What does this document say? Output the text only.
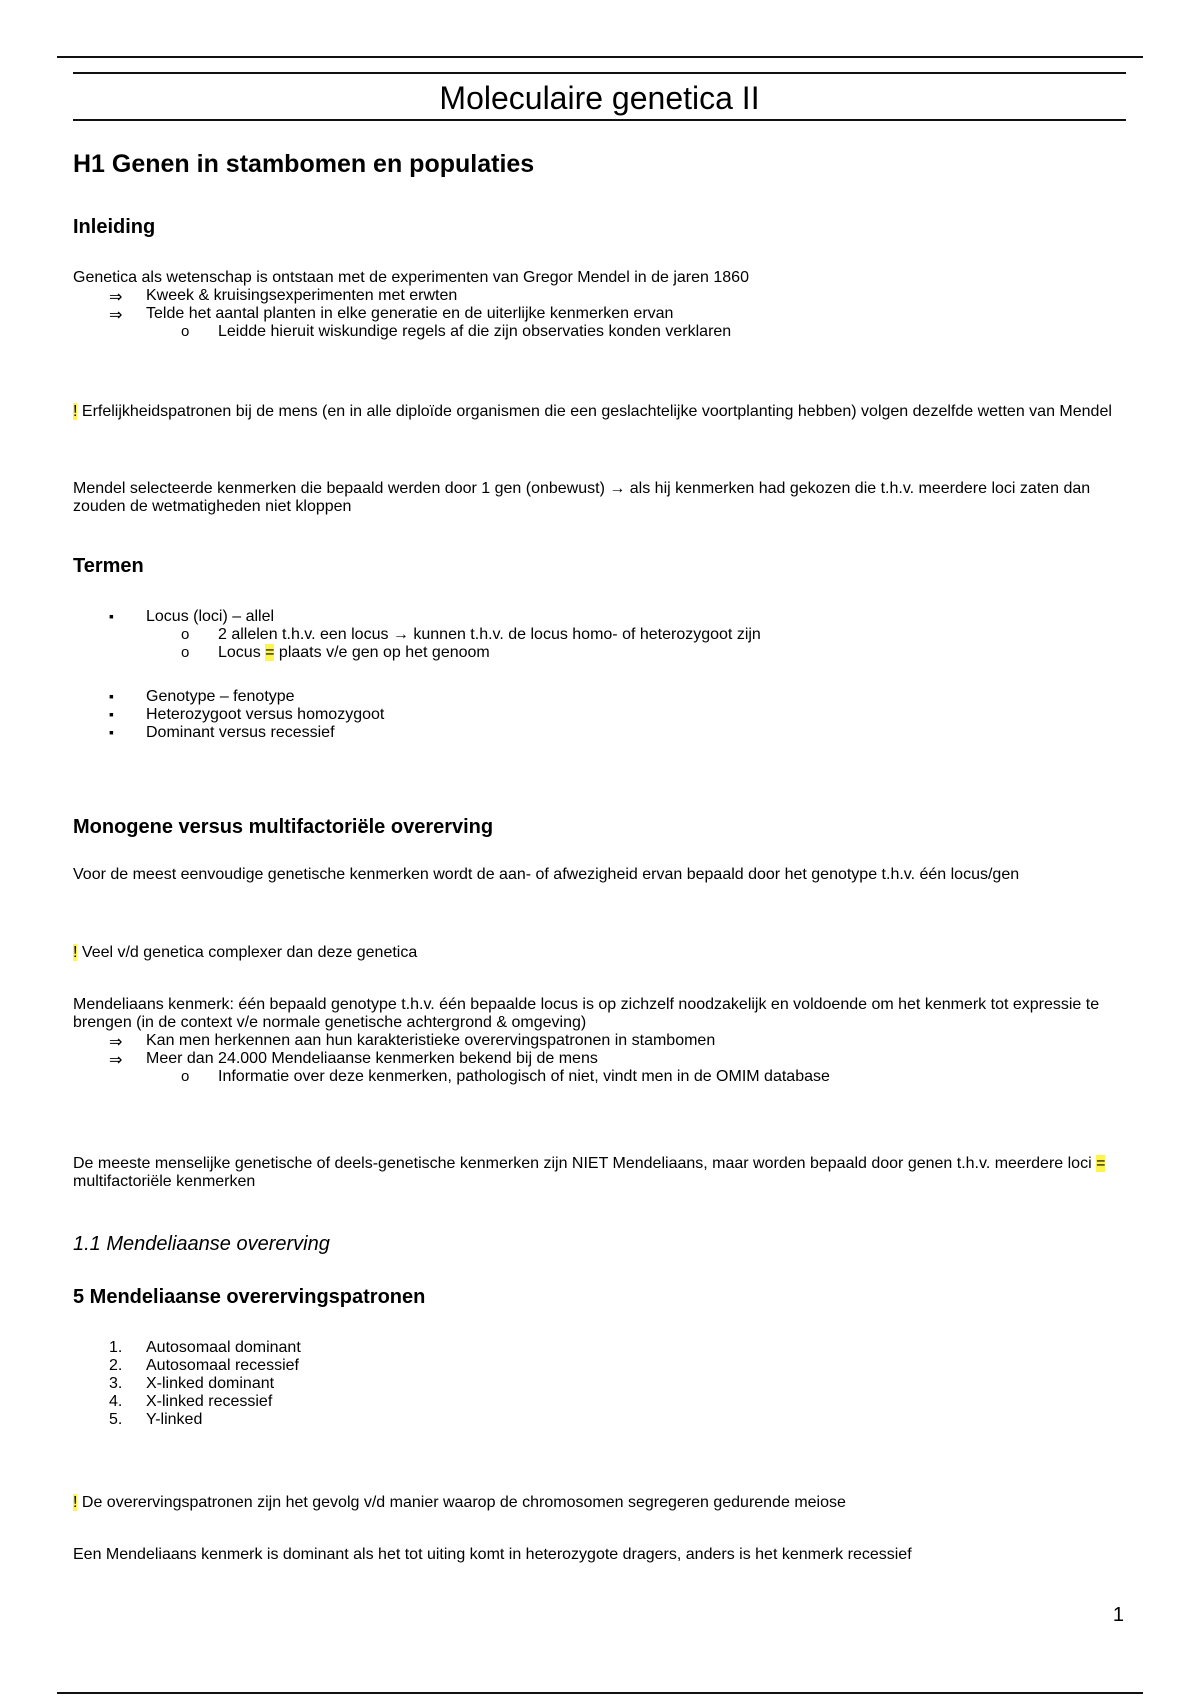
Moleculaire genetica II
H1 Genen in stambomen en populaties
Inleiding

Genetica als wetenschap is ontstaan met de experimenten van Gregor Mendel in de jaren 1860

⇒ Kweek & kruisingsexperimenten met erwten
⇒ Telde het aantal planten in elke generatie en de uiterlijke kenmerken ervan
o Leidde hieruit wiskundige regels af die zijn observaties konden verklaren

! Erfelijkheidspatronen bij de mens (en in alle diploïde organismen die een geslachtelijke voortplanting hebben) volgen dezelfde wetten van Mendel

Mendel selecteerde kenmerken die bepaald werden door 1 gen (onbewust) → als hij kenmerken had gekozen die t.h.v. meerdere loci zaten dan zouden de wetmatigheden niet kloppen

Termen
▪ Locus (loci) – allel
o 2 allelen t.h.v. een locus → kunnen t.h.v. de locus homo- of heterozygoot zijn
o Locus = plaats v/e gen op het genoom
▪ Genotype – fenotype
▪ Heterozygoot versus homozygoot
▪ Dominant versus recessief
Monogene versus multifactoriële overerving

Voor de meest eenvoudige genetische kenmerken wordt de aan- of afwezigheid ervan bepaald door het genotype t.h.v. één locus/gen

! Veel v/d genetica complexer dan deze genetica

Mendeliaans kenmerk: één bepaald genotype t.h.v. één bepaalde locus is op zichzelf noodzakelijk en voldoende om het kenmerk tot expressie te brengen (in de context v/e normale genetische achtergrond & omgeving)

⇒ Kan men herkennen aan hun karakteristieke overervingspatronen in stambomen
⇒ Meer dan 24.000 Mendeliaanse kenmerken bekend bij de mens
o Informatie over deze kenmerken, pathologisch of niet, vindt men in de OMIM database

De meeste menselijke genetische of deels-genetische kenmerken zijn NIET Mendeliaans, maar worden bepaald door genen t.h.v. meerdere loci = multifactoriële kenmerken

1.1 Mendeliaanse overerving
5 Mendeliaanse overervingspatronen
1. Autosomaal dominant
2. Autosomaal recessief
3. X-linked dominant
4. X-linked recessief
5. Y-linked

! De overervingspatronen zijn het gevolg v/d manier waarop de chromosomen segregeren gedurende meiose

Een Mendeliaans kenmerk is dominant als het tot uiting komt in heterozygote dragers, anders is het kenmerk recessief

1
